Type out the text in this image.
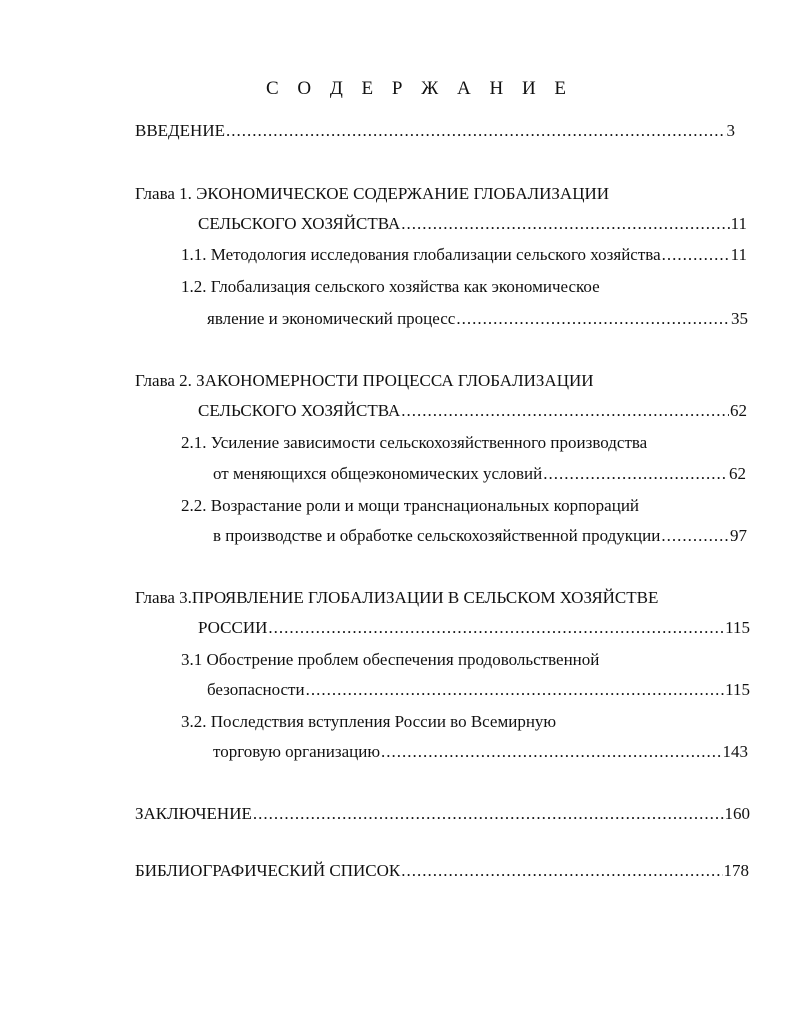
С О Д Е Р Ж А Н И Е
ВВЕДЕНИЕ .....	3
Глава 1. ЭКОНОМИЧЕСКОЕ СОДЕРЖАНИЕ ГЛОБАЛИЗАЦИИ
СЕЛЬСКОГО ХОЗЯЙСТВА .....	11
1.1. Методология исследования глобализации сельского хозяйства .....	11
1.2. Глобализация сельского хозяйства как экономическое
явление и экономический процесс .....	35
Глава 2. ЗАКОНОМЕРНОСТИ ПРОЦЕССА ГЛОБАЛИЗАЦИИ
СЕЛЬСКОГО ХОЗЯЙСТВА .....	62
2.1. Усиление зависимости сельскохозяйственного производства
от меняющихся общеэкономических условий .....	62
2.2. Возрастание роли и мощи транснациональных корпораций
в производстве и обработке сельскохозяйственной продукции .....	97
Глава 3.ПРОЯВЛЕНИЕ ГЛОБАЛИЗАЦИИ В СЕЛЬСКОМ ХОЗЯЙСТВЕ
РОССИИ .....	115
3.1 Обострение проблем обеспечения продовольственной
безопасности .....	115
3.2. Последствия вступления России во Всемирную
торговую организацию .....	143
ЗАКЛЮЧЕНИЕ .....	160
БИБЛИОГРАФИЧЕСКИЙ СПИСОК .....	178
